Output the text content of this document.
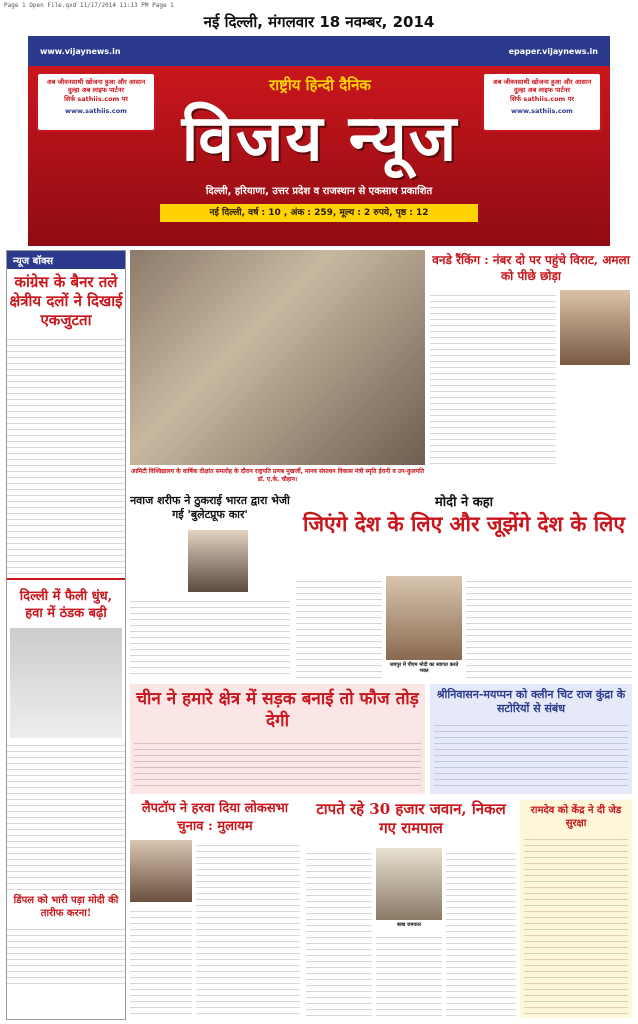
Page 1 Open File.qxd 11/17/2014 11:13 PM Page 1
नई दिल्ली, मंगलवार 18 नवम्बर, 2014
www.vijaynews.in	epaper.vijaynews.in
अब जीवनसाथी खोजना हुआ और आसान
दुल्हा अब लाइफ पार्टनर
सिर्फ sathiis.com पर
www.sathiis.com
अब जीवनसाथी खोजना हुआ और आसान
दुल्हा अब लाइफ पार्टनर
सिर्फ sathiis.com पर
www.sathiis.com
राष्ट्रीय हिन्दी दैनिक
विजय न्यूज
दिल्ली, हरियाणा, उत्तर प्रदेश व राजस्थान से एकसाथ प्रकाशित
नई दिल्ली, वर्ष : 10 , अंक : 259, मूल्य : 2 रुपये, पृष्ठ : 12
न्यूज बॉक्स
कांग्रेस के बैनर तले क्षेत्रीय दलों ने दिखाई एकजुटता
दिल्ली में फैली धुंध, हवा में ठंडक बढ़ी
डिंपल को भारी पड़ा मोदी की तारीफ करना!
आमिटी विश्विद्यालय के वार्षिक दीक्षांत समारोह के दौरान राष्ट्रपति प्रणब मुखर्जी, मानव संसाधन विकास मंत्री स्मृति ईरानी व उप-कुलपति डॉ. ए.के. चौहान।
वनडे रैंकिंग : नंबर दो पर पहुंचे विराट, अमला को पीछे छोड़ा
नवाज शरीफ ने ठुकराई भारत द्वारा भेजी गई 'बुलेटप्रूफ कार'
मोदी ने कहा
जिएंगे देश के लिए और जूझेंगे देश के लिए
जयपुर में पीएम मोदी का स्वागत करते भक्त
चीन ने हमारे क्षेत्र में सड़क बनाई तो फौज तोड़ देगी
श्रीनिवासन-मयप्पन को क्लीन चिट राज कुंद्रा के सटोरियों से संबंध
लैपटॉप ने हरवा दिया लोकसभा चुनाव : मुलायम
टापते रहे 30 हजार जवान, निकल गए रामपाल
बाबा रामपाल
रामदेव को केंद्र ने दी जेड सुरक्षा
